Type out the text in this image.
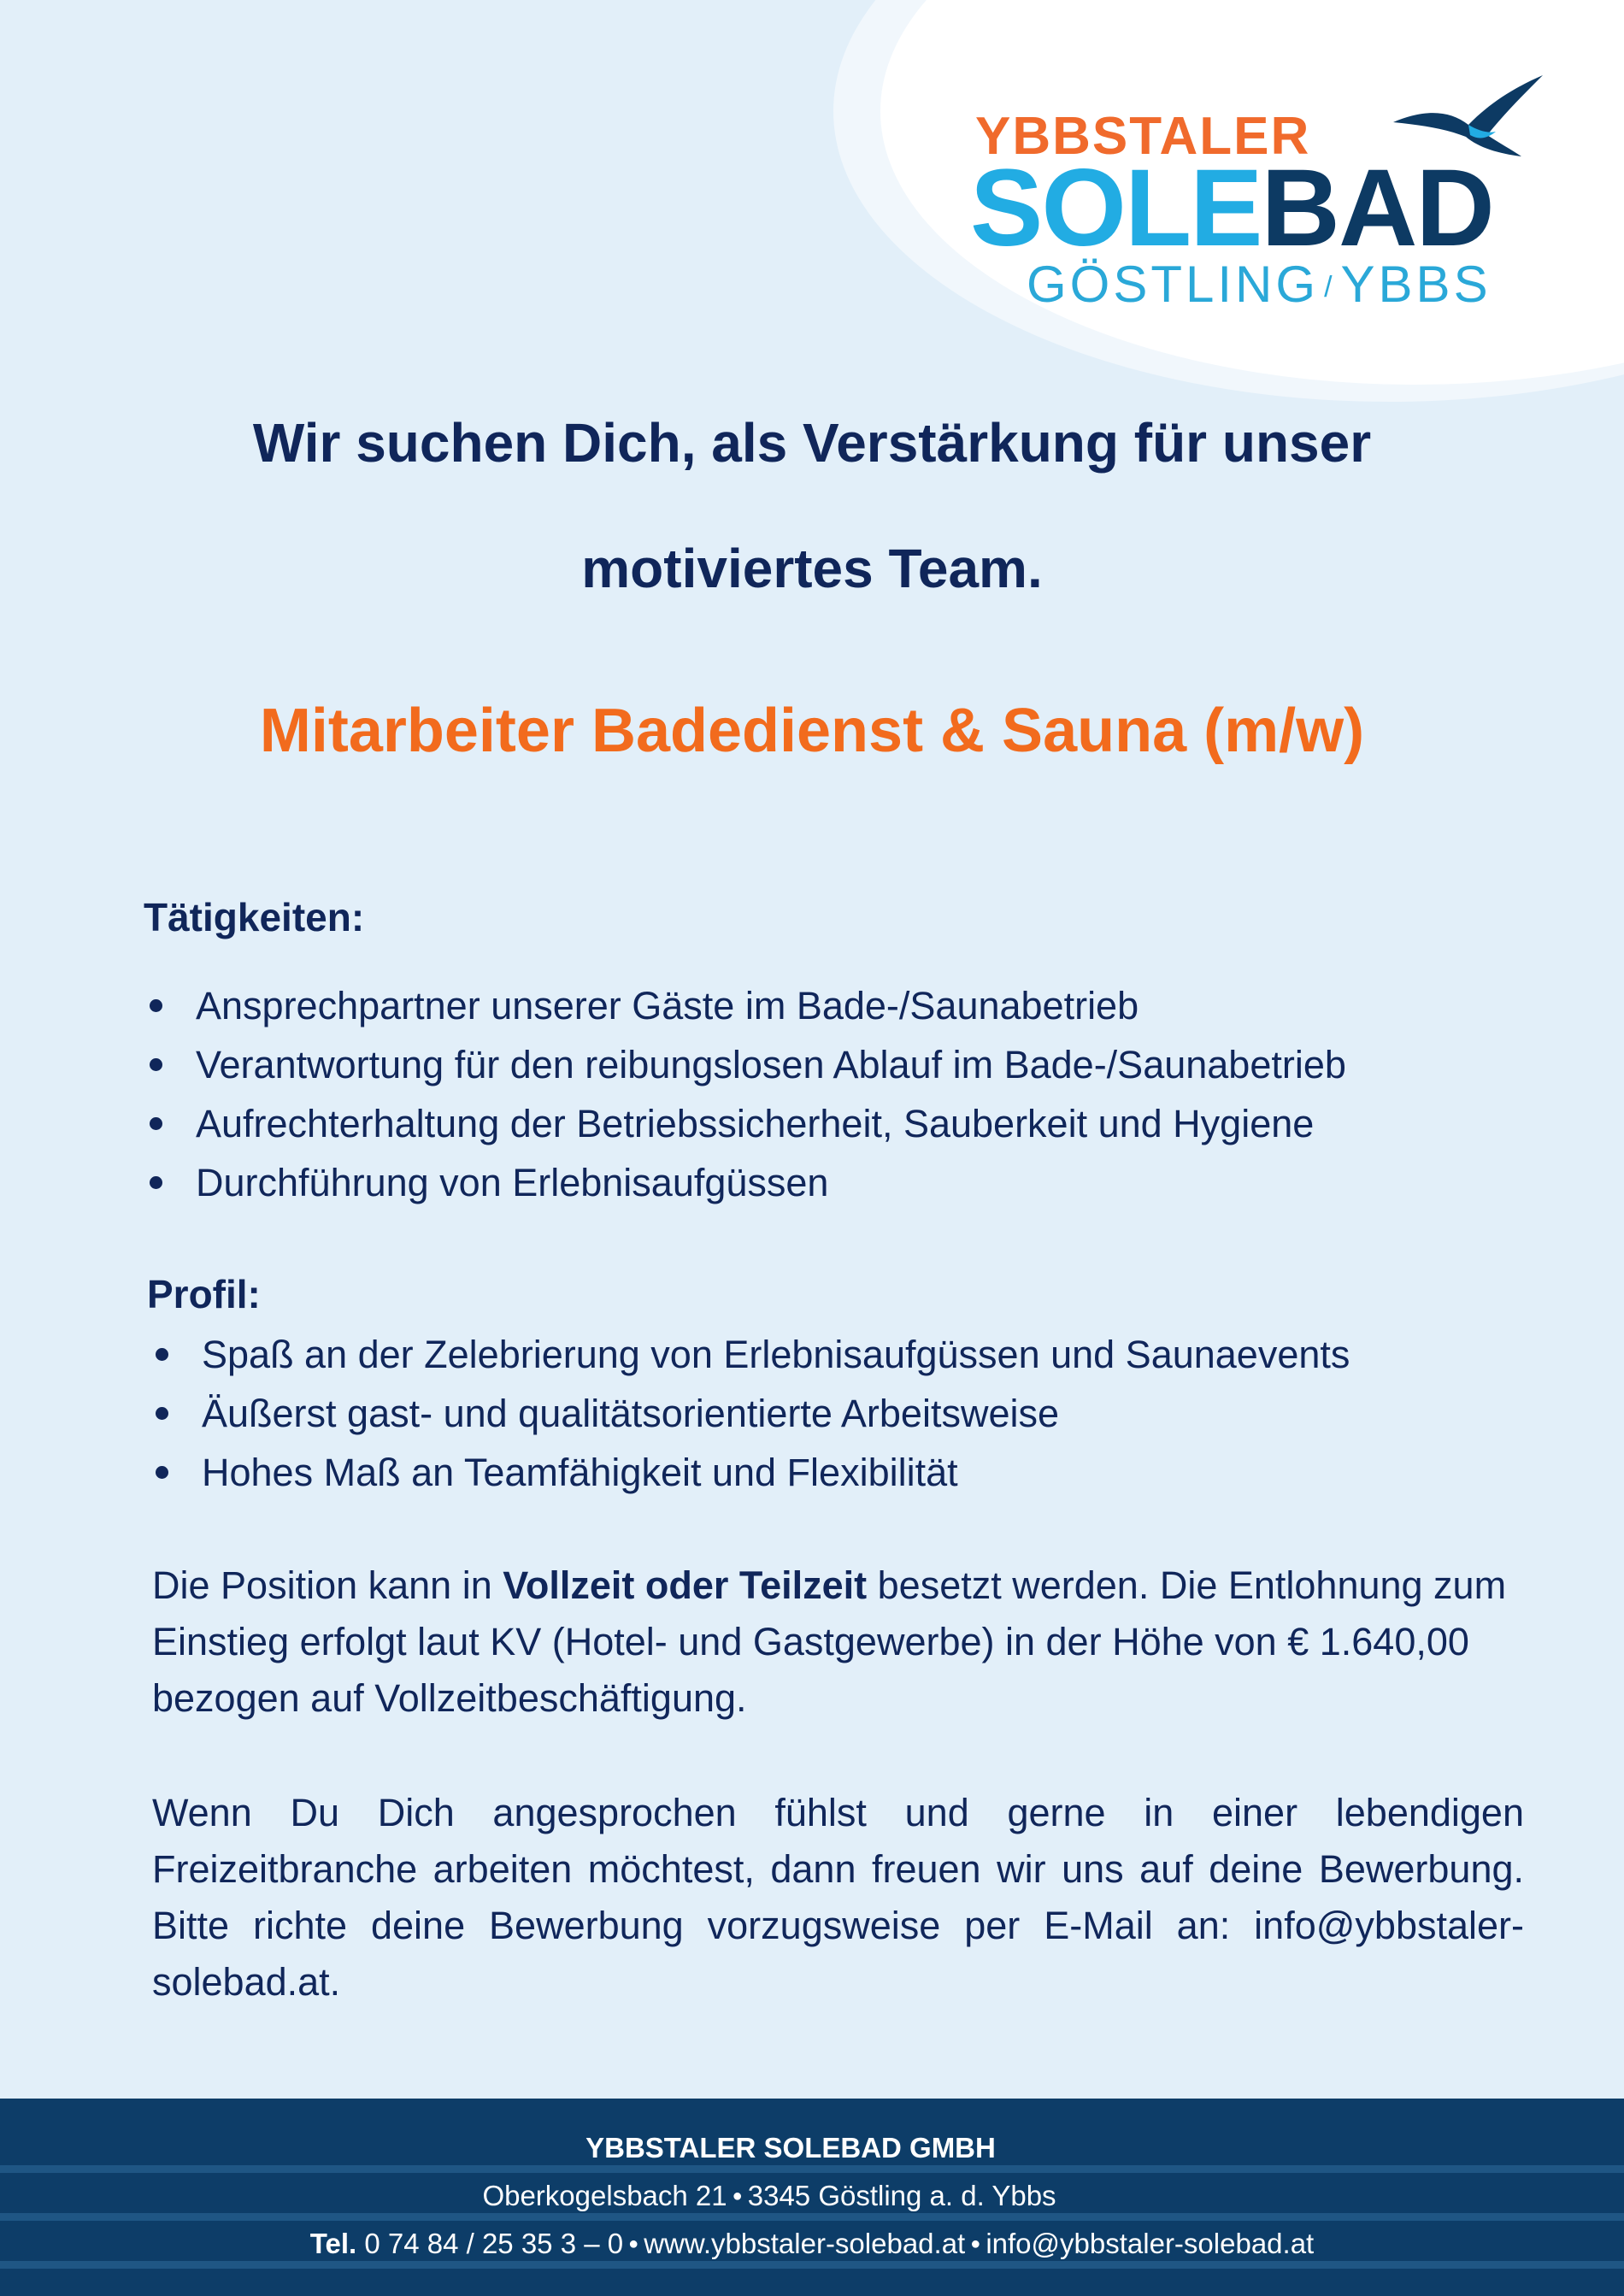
YBBSTALER
SOLEBAD
GÖSTLING / YBBS
Wir suchen Dich, als Verstärkung für unser
motiviertes Team.
Mitarbeiter Badedienst & Sauna (m/w)
Tätigkeiten:
Ansprechpartner unserer Gäste im Bade-/Saunabetrieb
Verantwortung für den reibungslosen Ablauf im Bade-/Saunabetrieb
Aufrechterhaltung der Betriebssicherheit, Sauberkeit und Hygiene
Durchführung von Erlebnisaufgüssen
Profil:
Spaß an der Zelebrierung von Erlebnisaufgüssen und Saunaevents
Äußerst gast- und qualitätsorientierte Arbeitsweise
Hohes Maß an Teamfähigkeit und Flexibilität

Die Position kann in Vollzeit oder Teilzeit besetzt werden. Die Entlohnung zum Einstieg erfolgt laut KV (Hotel- und Gastgewerbe) in der Höhe von € 1.640,00 bezogen auf Vollzeitbeschäftigung.

Wenn Du Dich angesprochen fühlst und gerne in einer lebendigen Freizeitbranche arbeiten möchtest, dann freuen wir uns auf deine Bewerbung. Bitte richte deine Bewerbung vorzugsweise per E-Mail an: info@ybbstaler-solebad.at.

YBBSTALER SOLEBAD GMBH

Oberkogelsbach 21 ● 3345 Göstling a. d. Ybbs

Tel. 0 74 84 / 25 35 3 – 0 ● www.ybbstaler-solebad.at ● info@ybbstaler-solebad.at
